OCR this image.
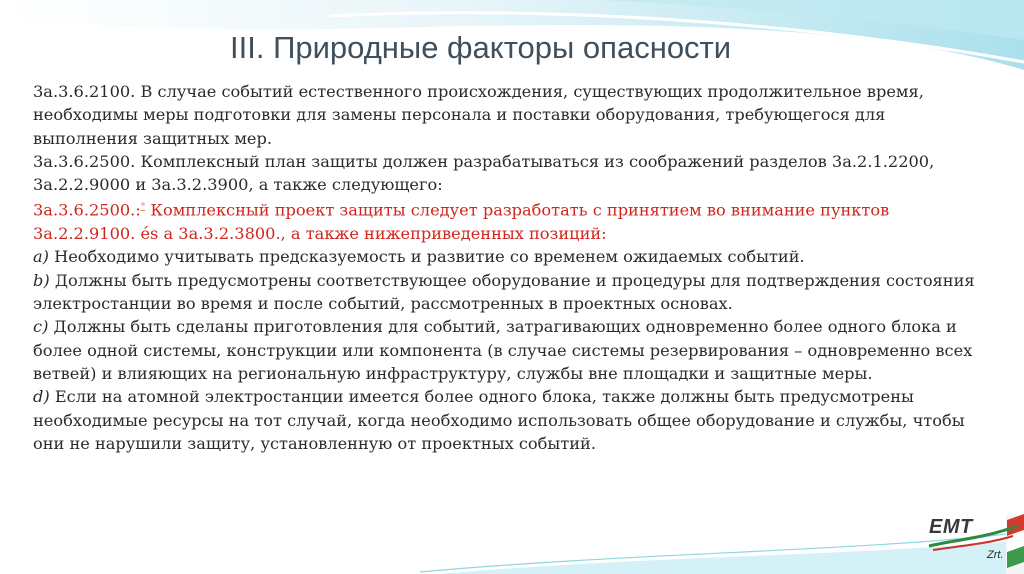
III. Природные факторы опасности

3а.3.6.2100. В случае событий естественного происхождения, существующих продолжительное время, необходимы меры подготовки для замены персонала и поставки оборудования, требующегося для выполнения защитных мер.

3а.3.6.2500. Комплексный план защиты должен разрабатываться из соображений разделов 3а.2.1.2200, 3а.2.2.9000 и 3а.3.2.3900, а также следующего:

3а.3.6.2500.:* Комплексный проект защиты следует разработать с принятием во внимание пунктов 3а.2.2.9100. és а 3а.3.2.3800., а также нижеприведенных позиций:

a) Необходимо учитывать предсказуемость и развитие со временем ожидаемых событий.

b) Должны быть предусмотрены соответствующее оборудование и процедуры для подтверждения состояния электростанции во время и после событий, рассмотренных в проектных основах.

c) Должны быть сделаны приготовления для событий, затрагивающих одновременно более одного блока и более одной системы, конструкции или компонента (в случае системы резервирования – одновременно всех ветвей) и влияющих на региональную инфраструктуру, службы вне площадки и защитные меры.

d) Если на атомной электростанции имеется более одного блока, также должны быть предусмотрены необходимые ресурсы на тот случай, когда необходимо использовать общее оборудование и службы, чтобы они не нарушили защиту, установленную от проектных событий.

EMT
Zrt.
